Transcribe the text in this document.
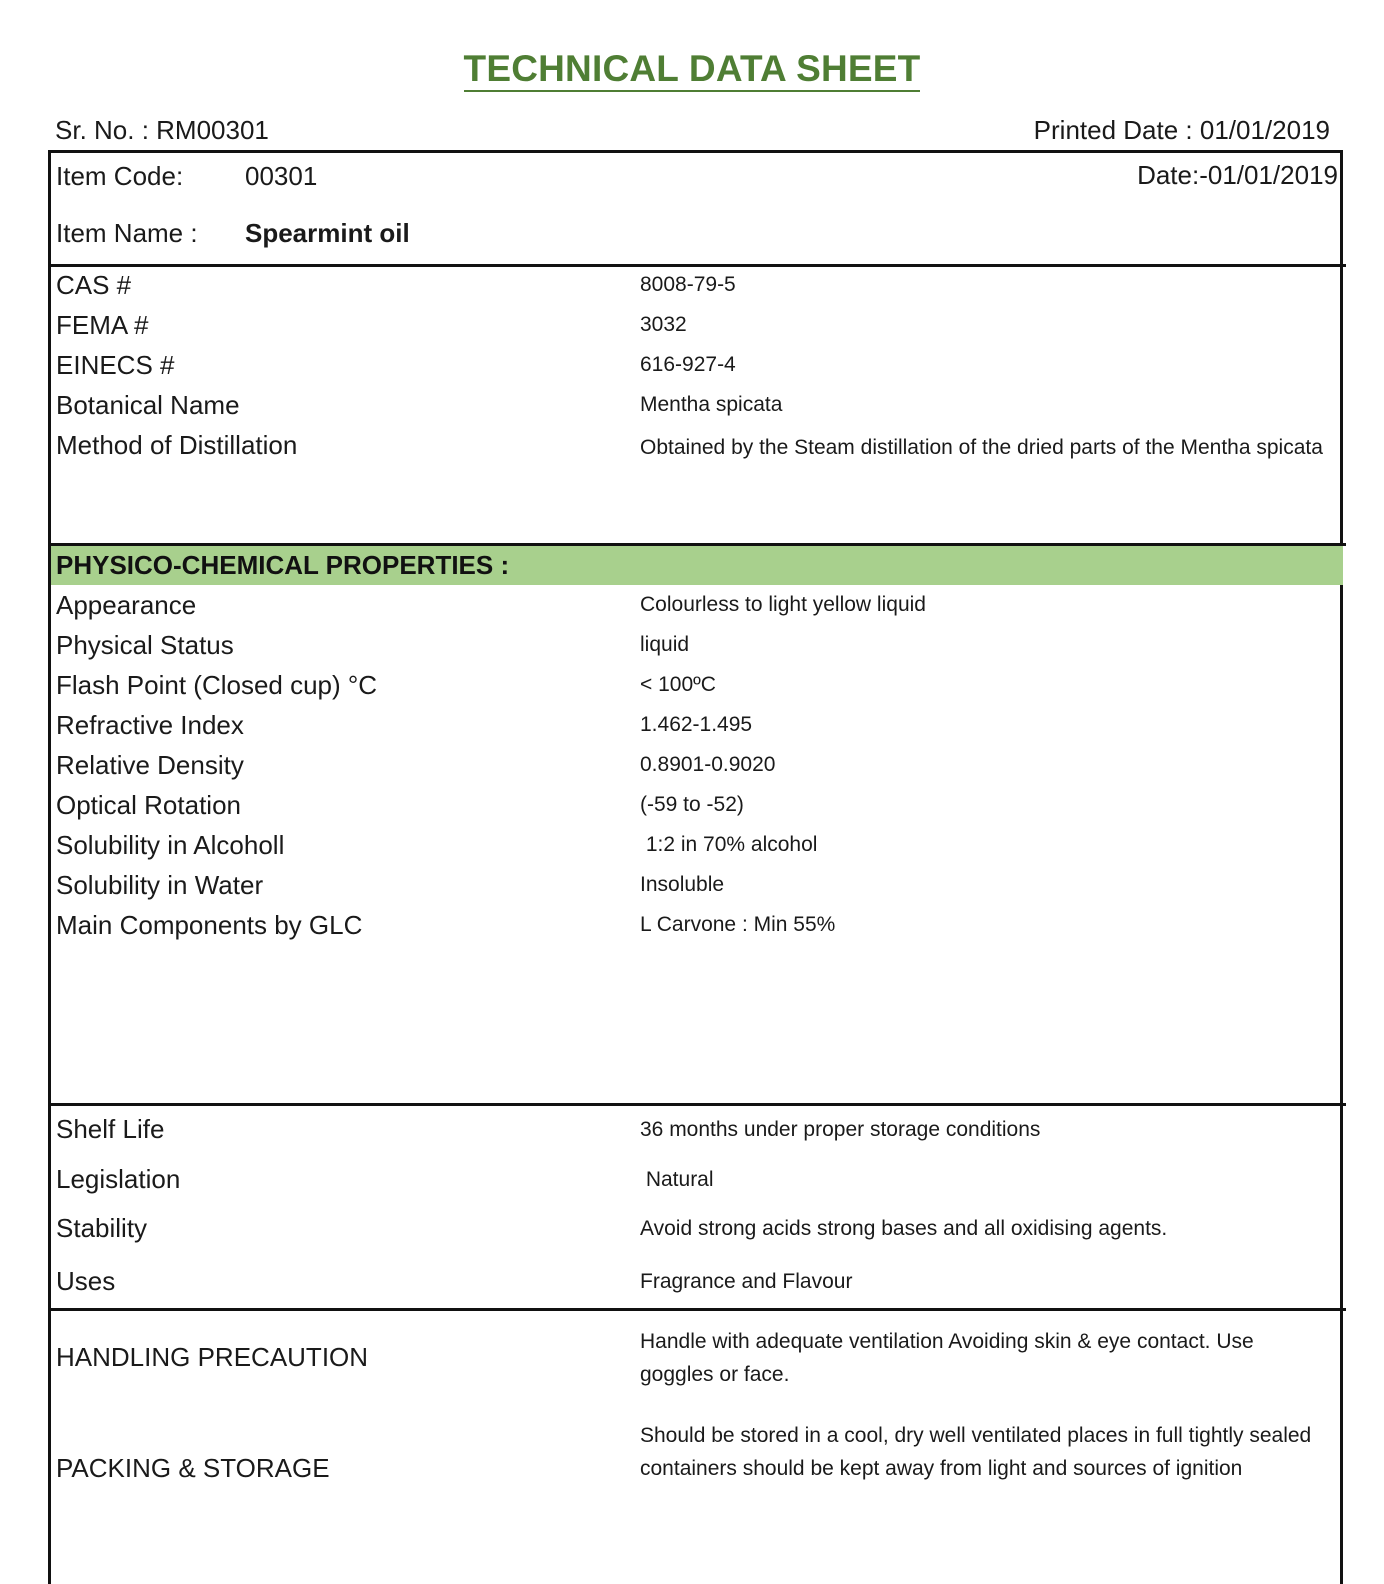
TECHNICAL DATA SHEET
Sr. No. : RM00301	Printed Date : 01/01/2019
Item Code: 00301	Date:-01/01/2019
Item Name : Spearmint oil
CAS #	8008-79-5
FEMA #	3032
EINECS #	616-927-4
Botanical Name	Mentha spicata
Method of Distillation	Obtained by the Steam distillation of the dried parts of the Mentha spicata
PHYSICO-CHEMICAL PROPERTIES :
Appearance	Colourless to light yellow liquid
Physical Status	liquid
Flash Point (Closed cup) °C	< 100ºC
Refractive Index	1.462-1.495
Relative Density	0.8901-0.9020
Optical Rotation	(-59 to -52)
Solubility in Alcoholl	1:2 in 70% alcohol
Solubility in Water	Insoluble
Main Components by GLC	L Carvone : Min 55%
Shelf Life	36 months under proper storage conditions
Legislation	Natural
Stability	Avoid strong acids strong bases and all oxidising agents.
Uses	Fragrance and Flavour
HANDLING PRECAUTION
Handle with adequate ventilation Avoiding skin & eye contact. Use goggles or face.
PACKING & STORAGE
Should be stored in a cool, dry well ventilated places in full tightly sealed containers should be kept away from light and sources of ignition
